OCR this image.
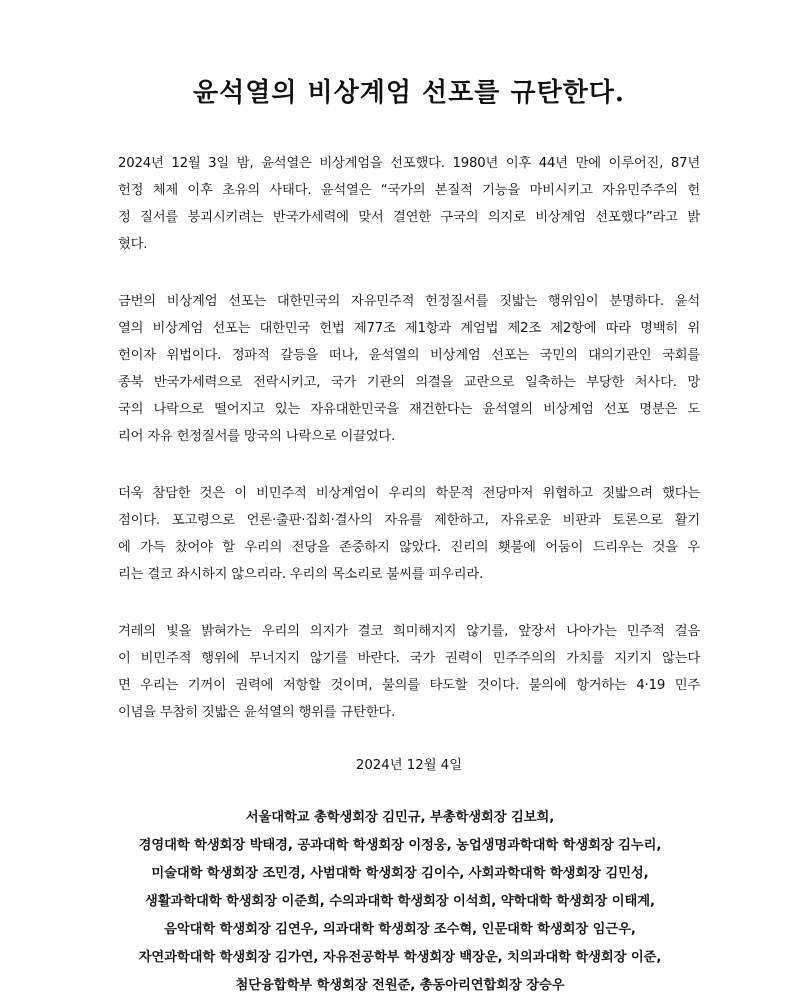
윤석열의 비상계엄 선포를 규탄한다.

2024년 12월 3일 밤, 윤석열은 비상계엄을 선포했다. 1980년 이후 44년 만에 이루어진, 87년
헌정 체제 이후 초유의 사태다. 윤석열은 “국가의 본질적 기능을 마비시키고 자유민주주의 헌
정 질서를 붕괴시키려는 반국가세력에 맞서 결연한 구국의 의지로 비상계엄 선포했다”라고 밝
혔다.

금번의 비상계엄 선포는 대한민국의 자유민주적 헌정질서를 짓밟는 행위임이 분명하다. 윤석
열의 비상계엄 선포는 대한민국 헌법 제77조 제1항과 계엄법 제2조 제2항에 따라 명백히 위
헌이자 위법이다. 정파적 갈등을 떠나, 윤석열의 비상계엄 선포는 국민의 대의기관인 국회를
종북 반국가세력으로 전락시키고, 국가 기관의 의결을 교란으로 일축하는 부당한 처사다. 망
국의 나락으로 떨어지고 있는 자유대한민국을 재건한다는 윤석열의 비상계엄 선포 명분은 도
리어 자유 헌정질서를 망국의 나락으로 이끌었다.

더욱 참담한 것은 이 비민주적 비상계엄이 우리의 학문적 전당마저 위협하고 짓밟으려 했다는
점이다. 포고령으로 언론·출판·집회·결사의 자유를 제한하고, 자유로운 비판과 토론으로 활기
에 가득 찼어야 할 우리의 전당을 존중하지 않았다. 진리의 횃불에 어둠이 드리우는 것을 우
리는 결코 좌시하지 않으리라. 우리의 목소리로 불씨를 피우리라.

겨레의 빛을 밝혀가는 우리의 의지가 결코 희미해지지 않기를, 앞장서 나아가는 민주적 걸음
이 비민주적 행위에 무너지지 않기를 바란다. 국가 권력이 민주주의의 가치를 지키지 않는다
면 우리는 기꺼이 권력에 저항할 것이며, 불의를 타도할 것이다. 불의에 항거하는 4·19 민주
이념을 무참히 짓밟은 윤석열의 행위를 규탄한다.

2024년 12월 4일
서울대학교 총학생회장 김민규, 부총학생회장 김보희,
경영대학 학생회장 박태경, 공과대학 학생회장 이정웅, 농업생명과학대학 학생회장 김누리,
미술대학 학생회장 조민경, 사범대학 학생회장 김이수, 사회과학대학 학생회장 김민성,
생활과학대학 학생회장 이준희, 수의과대학 학생회장 이석희, 약학대학 학생회장 이태계,
음악대학 학생회장 김연우, 의과대학 학생회장 조수혁, 인문대학 학생회장 임근우,
자연과학대학 학생회장 김가연, 자유전공학부 학생회장 백장운, 치의과대학 학생회장 이준,
첨단융합학부 학생회장 전원준, 총동아리연합회장 장승우
